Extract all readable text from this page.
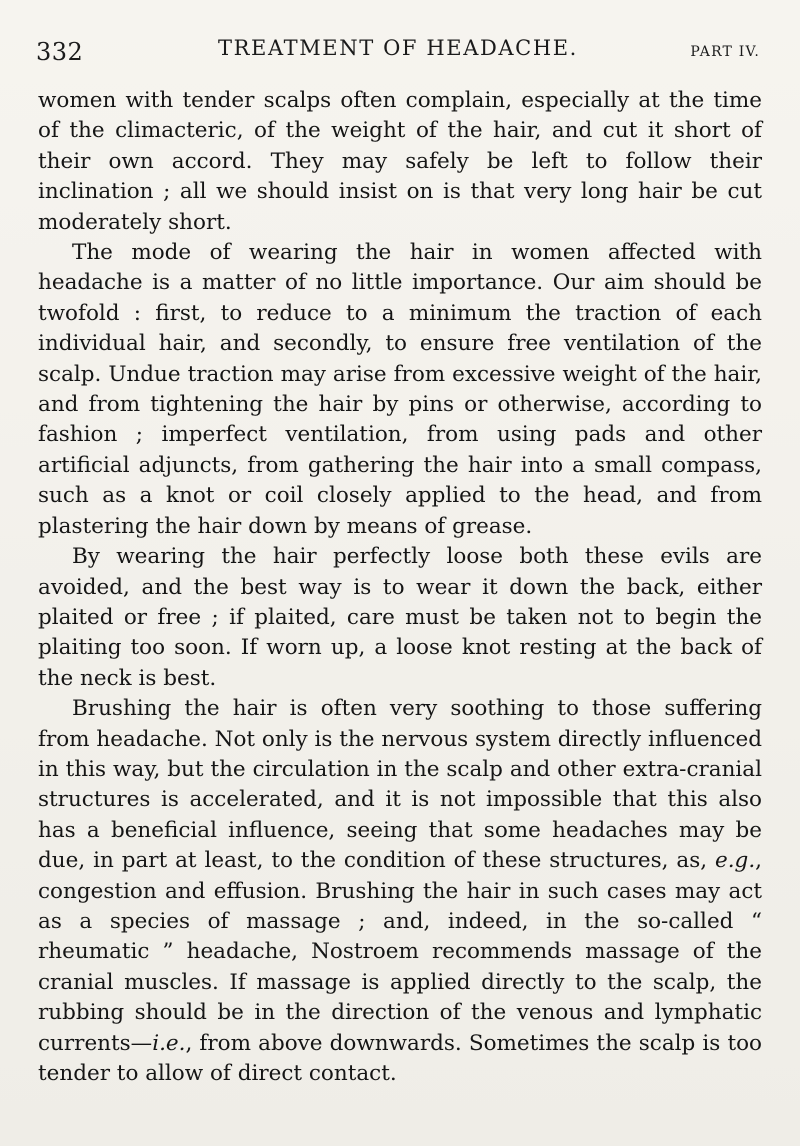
332	TREATMENT OF HEADACHE.	PART IV.

women with tender scalps often complain, especially at the time of the climacteric, of the weight of the hair, and cut it short of their own accord. They may safely be left to follow their inclination ; all we should insist on is that very long hair be cut moderately short.

The mode of wearing the hair in women affected with headache is a matter of no little importance. Our aim should be twofold : first, to reduce to a minimum the traction of each individual hair, and secondly, to ensure free ventilation of the scalp. Undue traction may arise from excessive weight of the hair, and from tightening the hair by pins or otherwise, according to fashion ; imperfect ventilation, from using pads and other artificial adjuncts, from gathering the hair into a small compass, such as a knot or coil closely applied to the head, and from plastering the hair down by means of grease.

By wearing the hair perfectly loose both these evils are avoided, and the best way is to wear it down the back, either plaited or free ; if plaited, care must be taken not to begin the plaiting too soon. If worn up, a loose knot resting at the back of the neck is best.

Brushing the hair is often very soothing to those suffering from headache. Not only is the nervous system directly influenced in this way, but the circulation in the scalp and other extra-cranial structures is accelerated, and it is not impossible that this also has a beneficial influence, seeing that some headaches may be due, in part at least, to the condition of these structures, as, e.g., congestion and effusion. Brushing the hair in such cases may act as a species of massage ; and, indeed, in the so-called “ rheumatic ” headache, Nostroem recommends massage of the cranial muscles. If massage is applied directly to the scalp, the rubbing should be in the direction of the venous and lymphatic currents—i.e., from above downwards. Sometimes the scalp is too tender to allow of direct contact.
